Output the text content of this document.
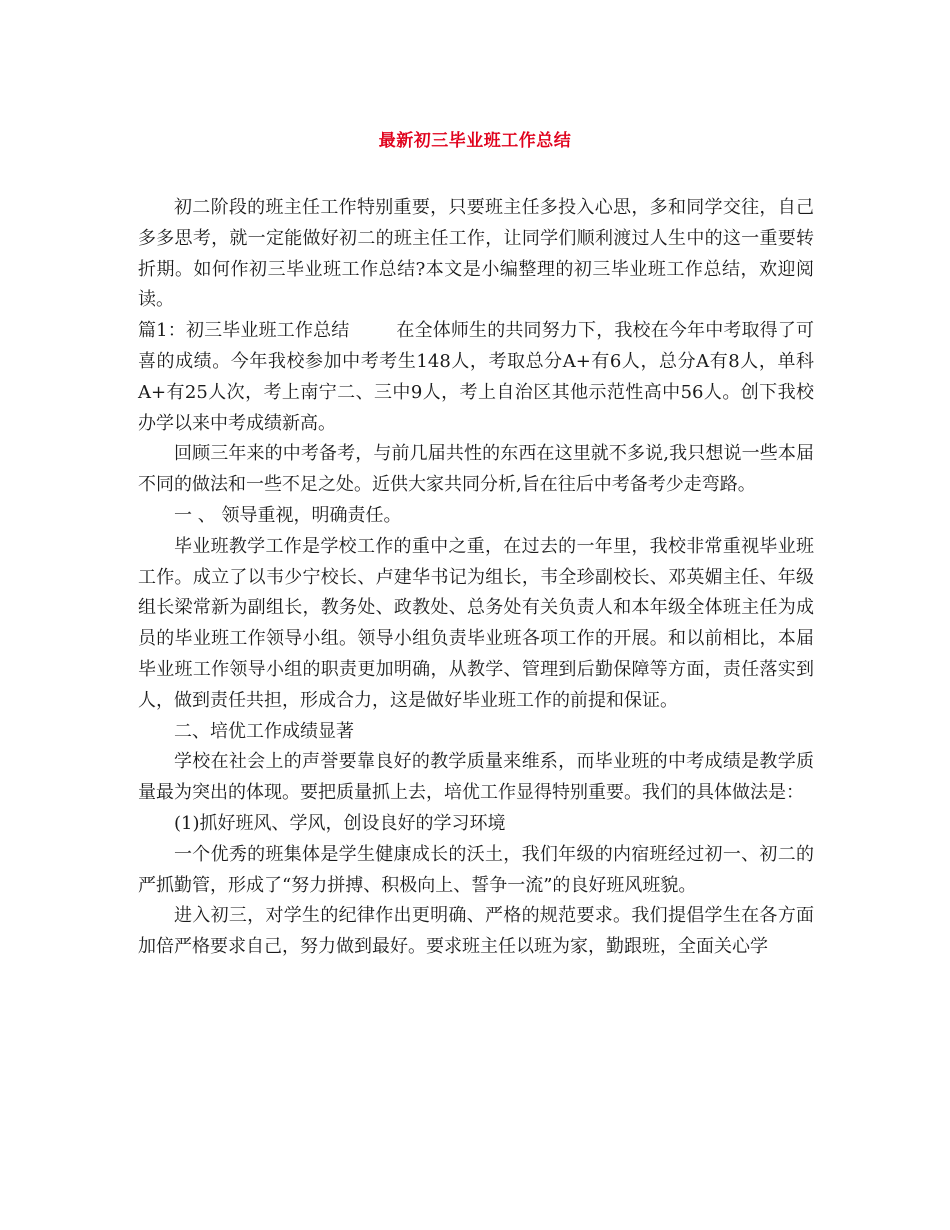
最新初三毕业班工作总结

初二阶段的班主任工作特别重要，只要班主任多投入心思，多和同学交往，自己多多思考，就一定能做好初二的班主任工作，让同学们顺利渡过人生中的这一重要转折期。如何作初三毕业班工作总结?本文是小编整理的初三毕业班工作总结，欢迎阅读。

篇1：初三毕业班工作总结	在全体师生的共同努力下，我校在今年中考取得了可喜的成绩。今年我校参加中考考生148人，考取总分A+有6人，总分A有8人，单科A+有25人次，考上南宁二、三中9人，考上自治区其他示范性高中56人。创下我校办学以来中考成绩新高。

回顾三年来的中考备考，与前几届共性的东西在这里就不多说,我只想说一些本届不同的做法和一些不足之处。近供大家共同分析,旨在往后中考备考少走弯路。

一 、 领导重视，明确责任。

毕业班教学工作是学校工作的重中之重，在过去的一年里，我校非常重视毕业班工作。成立了以韦少宁校长、卢建华书记为组长，韦全珍副校长、邓英媚主任、年级组长梁常新为副组长，教务处、政教处、总务处有关负责人和本年级全体班主任为成员的毕业班工作领导小组。领导小组负责毕业班各项工作的开展。和以前相比，本届毕业班工作领导小组的职责更加明确，从教学、管理到后勤保障等方面，责任落实到人，做到责任共担，形成合力，这是做好毕业班工作的前提和保证。

二、培优工作成绩显著

学校在社会上的声誉要靠良好的教学质量来维系，而毕业班的中考成绩是教学质量最为突出的体现。要把质量抓上去，培优工作显得特别重要。我们的具体做法是：

(1)抓好班风、学风，创设良好的学习环境

一个优秀的班集体是学生健康成长的沃土，我们年级的内宿班经过初一、初二的严抓勤管，形成了“努力拼搏、积极向上、誓争一流”的良好班风班貌。

进入初三，对学生的纪律作出更明确、严格的规范要求。我们提倡学生在各方面加倍严格要求自己，努力做到最好。要求班主任以班为家，勤跟班，全面关心学
